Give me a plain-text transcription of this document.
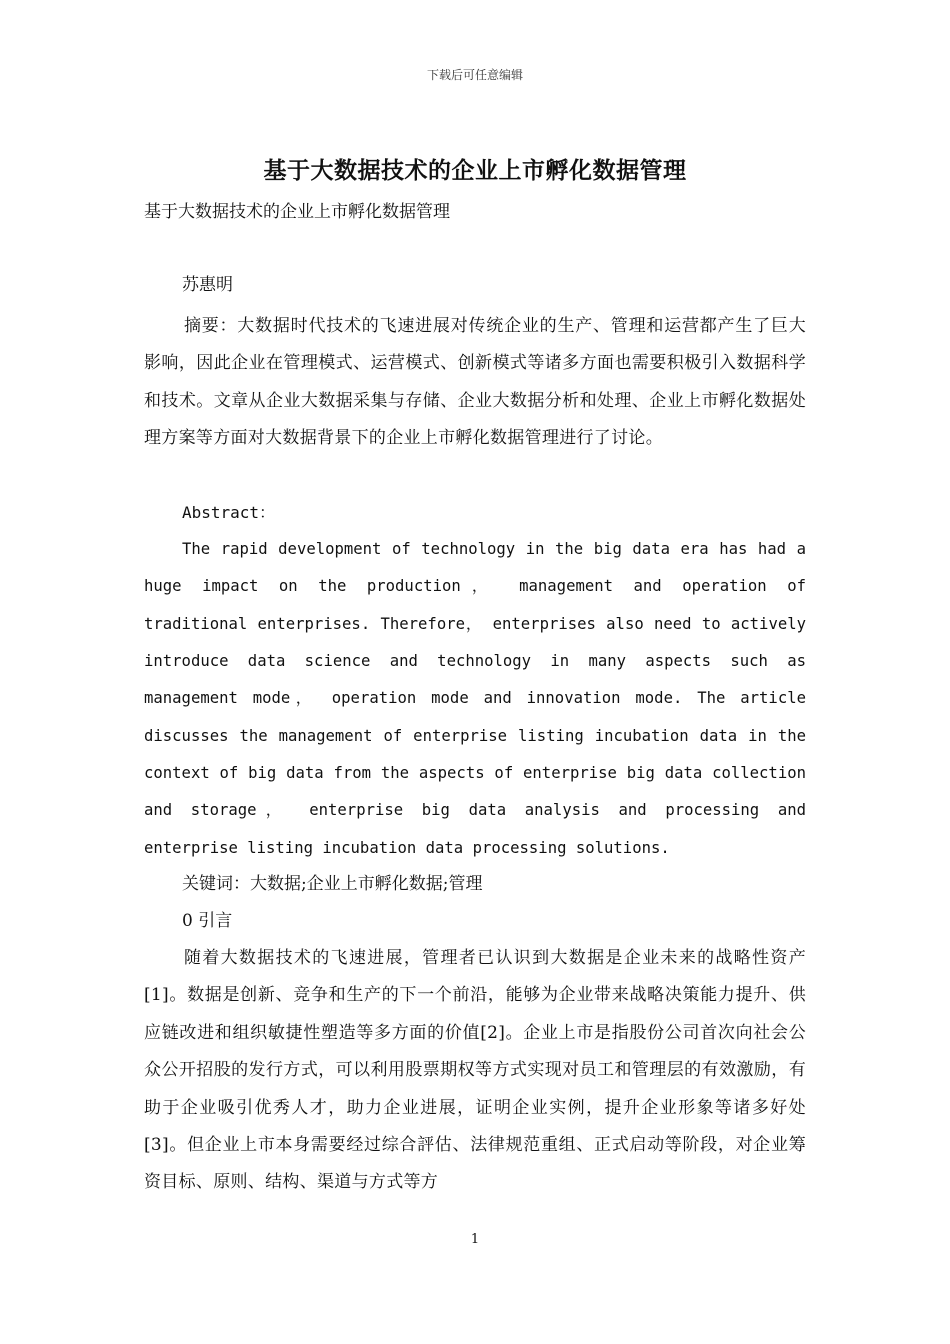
下载后可任意编辑
基于大数据技术的企业上市孵化数据管理
基于大数据技术的企业上市孵化数据管理
苏惠明

摘要：大数据时代技术的飞速进展对传统企业的生产、管理和运营都产生了巨大影响，因此企业在管理模式、运营模式、创新模式等诸多方面也需要积极引入数据科学和技术。文章从企业大数据采集与存储、企业大数据分析和处理、企业上市孵化数据处理方案等方面对大数据背景下的企业上市孵化数据管理进行了讨论。

Abstract：

The rapid development of technology in the big data era has had a huge impact on the production， management and operation of traditional enterprises. Therefore， enterprises also need to actively introduce data science and technology in many aspects such as management mode， operation mode and innovation mode. The article discusses the management of enterprise listing incubation data in the context of big data from the aspects of enterprise big data collection and storage， enterprise big data analysis and processing and enterprise listing incubation data processing solutions.

关键词：大数据;企业上市孵化数据;管理

0 引言

随着大数据技术的飞速进展，管理者已认识到大数据是企业未来的战略性资产[1]。数据是创新、竞争和生产的下一个前沿，能够为企业带来战略决策能力提升、供应链改进和组织敏捷性塑造等多方面的价值[2]。企业上市是指股份公司首次向社会公众公开招股的发行方式，可以利用股票期权等方式实现对员工和管理层的有效激励，有助于企业吸引优秀人才，助力企业进展，证明企业实例，提升企业形象等诸多好处[3]。但企业上市本身需要经过综合評估、法律规范重组、正式启动等阶段，对企业筹资目标、原则、结构、渠道与方式等方

1
